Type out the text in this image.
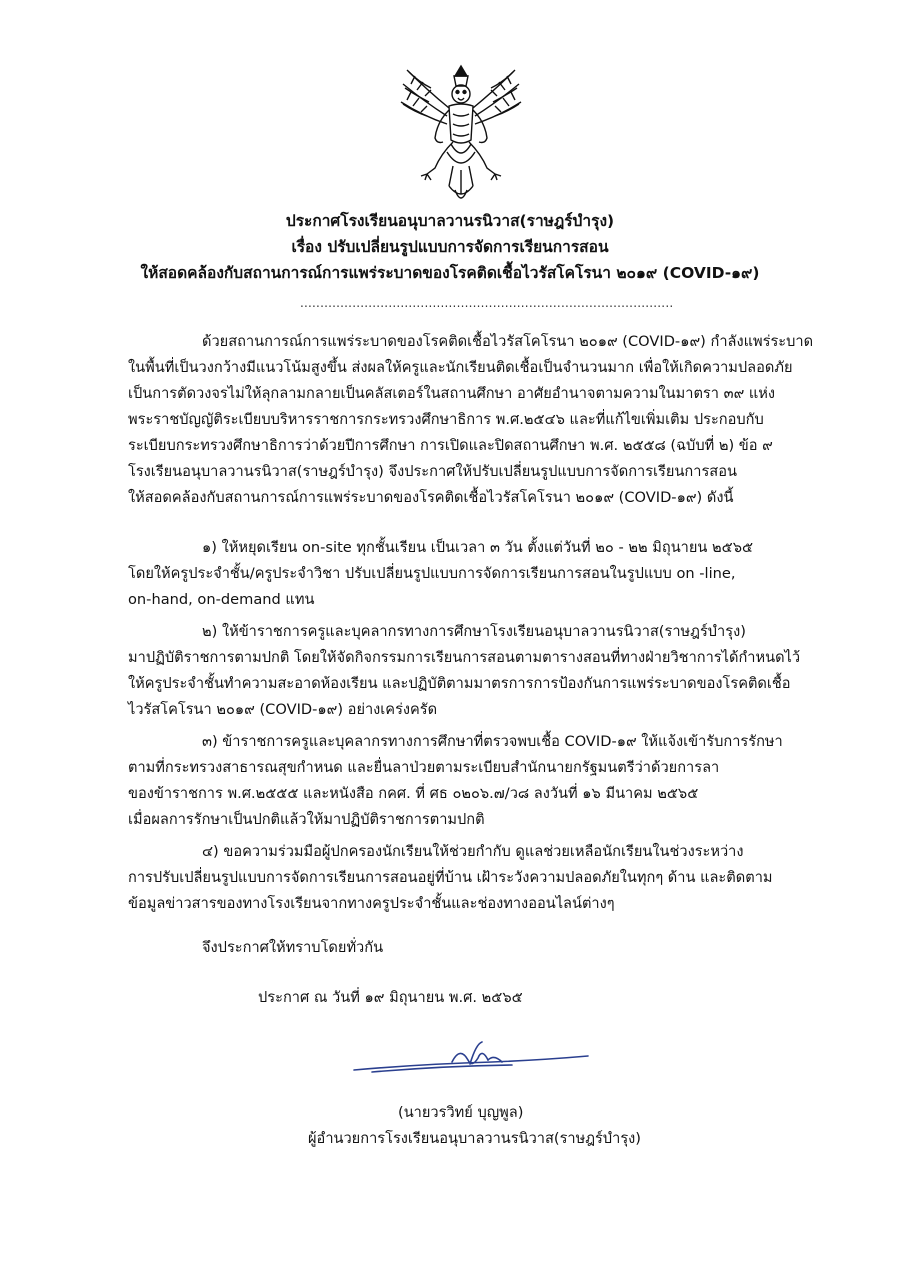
ประกาศโรงเรียนอนุบาลวานรนิวาส(ราษฎร์บำรุง)
เรื่อง ปรับเปลี่ยนรูปแบบการจัดการเรียนการสอน
ให้สอดคล้องกับสถานการณ์การแพร่ระบาดของโรคติดเชื้อไวรัสโคโรนา ๒๐๑๙ (COVID-๑๙)
.............................................................................................
ด้วยสถานการณ์การแพร่ระบาดของโรคติดเชื้อไวรัสโคโรนา ๒๐๑๙ (COVID-๑๙) กำลังแพร่ระบาด
ในพื้นที่เป็นวงกว้างมีแนวโน้มสูงขึ้น ส่งผลให้ครูและนักเรียนติดเชื้อเป็นจำนวนมาก เพื่อให้เกิดความปลอดภัย
เป็นการตัดวงจรไม่ให้ลุกลามกลายเป็นคลัสเตอร์ในสถานศึกษา อาศัยอำนาจตามความในมาตรา ๓๙ แห่ง
พระราชบัญญัติระเบียบบริหารราชการกระทรวงศึกษาธิการ พ.ศ.๒๕๔๖ และที่แก้ไขเพิ่มเติม ประกอบกับ
ระเบียบกระทรวงศึกษาธิการว่าด้วยปีการศึกษา การเปิดและปิดสถานศึกษา พ.ศ. ๒๕๕๘ (ฉบับที่ ๒) ข้อ ๙
โรงเรียนอนุบาลวานรนิวาส(ราษฎร์บำรุง) จึงประกาศให้ปรับเปลี่ยนรูปแบบการจัดการเรียนการสอน
ให้สอดคล้องกับสถานการณ์การแพร่ระบาดของโรคติดเชื้อไวรัสโคโรนา ๒๐๑๙ (COVID-๑๙) ดังนี้
๑) ให้หยุดเรียน on-site ทุกชั้นเรียน เป็นเวลา ๓ วัน ตั้งแต่วันที่ ๒๐ - ๒๒ มิถุนายน ๒๕๖๕
โดยให้ครูประจำชั้น/ครูประจำวิชา ปรับเปลี่ยนรูปแบบการจัดการเรียนการสอนในรูปแบบ on -line,
on-hand, on-demand แทน
๒) ให้ข้าราชการครูและบุคลากรทางการศึกษาโรงเรียนอนุบาลวานรนิวาส(ราษฎร์บำรุง)
มาปฏิบัติราชการตามปกติ โดยให้จัดกิจกรรมการเรียนการสอนตามตารางสอนที่ทางฝ่ายวิชาการได้กำหนดไว้
ให้ครูประจำชั้นทำความสะอาดห้องเรียน และปฏิบัติตามมาตรการการป้องกันการแพร่ระบาดของโรคติดเชื้อ
ไวรัสโคโรนา ๒๐๑๙ (COVID-๑๙) อย่างเคร่งครัด
๓) ข้าราชการครูและบุคลากรทางการศึกษาที่ตรวจพบเชื้อ COVID-๑๙ ให้แจ้งเข้ารับการรักษา
ตามที่กระทรวงสาธารณสุขกำหนด และยื่นลาป่วยตามระเบียบสำนักนายกรัฐมนตรีว่าด้วยการลา
ของข้าราชการ พ.ศ.๒๕๕๕ และหนังสือ กคศ. ที่ ศธ ๐๒๐๖.๗/ว๘ ลงวันที่ ๑๖ มีนาคม ๒๕๖๕
เมื่อผลการรักษาเป็นปกติแล้วให้มาปฏิบัติราชการตามปกติ
๔) ขอความร่วมมือผู้ปกครองนักเรียนให้ช่วยกำกับ ดูแลช่วยเหลือนักเรียนในช่วงระหว่าง
การปรับเปลี่ยนรูปแบบการจัดการเรียนการสอนอยู่ที่บ้าน เฝ้าระวังความปลอดภัยในทุกๆ ด้าน และติดตาม
ข้อมูลข่าวสารของทางโรงเรียนจากทางครูประจำชั้นและช่องทางออนไลน์ต่างๆ
จึงประกาศให้ทราบโดยทั่วกัน
ประกาศ ณ วันที่ ๑๙ มิถุนายน พ.ศ. ๒๕๖๕
(นายวรวิทย์ บุญพูล)
ผู้อำนวยการโรงเรียนอนุบาลวานรนิวาส(ราษฎร์บำรุง)
